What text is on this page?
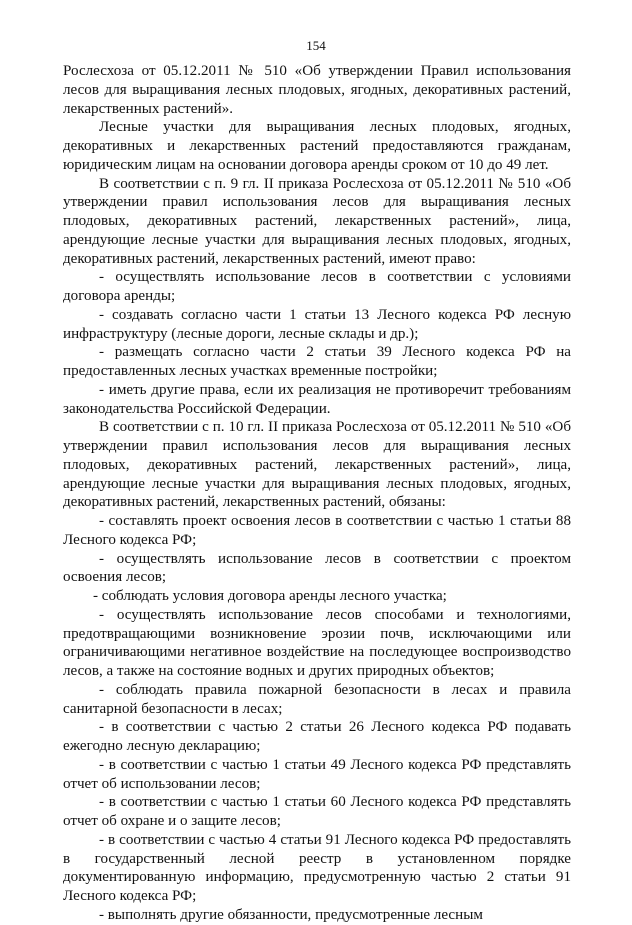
154

Рослесхоза от 05.12.2011 № 510 «Об утверждении Правил использования лесов для выращивания лесных плодовых, ягодных, декоративных растений, лекарственных растений».

Лесные участки для выращивания лесных плодовых, ягодных, декоративных и лекарственных растений предоставляются гражданам, юридическим лицам на основании договора аренды сроком от 10 до 49 лет.

В соответствии с п. 9 гл. II приказа Рослесхоза от 05.12.2011 № 510 «Об утверждении правил использования лесов для выращивания лесных плодовых, декоративных растений, лекарственных растений», лица, арендующие лесные участки для выращивания лесных плодовых, ягодных, декоративных растений, лекарственных растений, имеют право:

- осуществлять использование лесов в соответствии с условиями договора аренды;

- создавать согласно части 1 статьи 13 Лесного кодекса РФ лесную инфраструктуру (лесные дороги, лесные склады и др.);

- размещать согласно части 2 статьи 39 Лесного кодекса РФ на предоставленных лесных участках временные постройки;

- иметь другие права, если их реализация не противоречит требованиям законодательства Российской Федерации.

В соответствии с п. 10 гл. II приказа Рослесхоза от 05.12.2011 № 510 «Об утверждении правил использования лесов для выращивания лесных плодовых, декоративных растений, лекарственных растений», лица, арендующие лесные участки для выращивания лесных плодовых, ягодных, декоративных растений, лекарственных растений, обязаны:

- составлять проект освоения лесов в соответствии с частью 1 статьи 88 Лесного кодекса РФ;

- осуществлять использование лесов в соответствии с проектом освоения лесов;

- соблюдать условия договора аренды лесного участка;

- осуществлять использование лесов способами и технологиями, предотвращающими возникновение эрозии почв, исключающими или ограничивающими негативное воздействие на последующее воспроизводство лесов, а также на состояние водных и других природных объектов;

- соблюдать правила пожарной безопасности в лесах и правила санитарной безопасности в лесах;

- в соответствии с частью 2 статьи 26 Лесного кодекса РФ подавать ежегодно лесную декларацию;

- в соответствии с частью 1 статьи 49 Лесного кодекса РФ представлять отчет об использовании лесов;

- в соответствии с частью 1 статьи 60 Лесного кодекса РФ представлять отчет об охране и о защите лесов;

- в соответствии с частью 4 статьи 91 Лесного кодекса РФ предоставлять в государственный лесной реестр в установленном порядке документированную информацию, предусмотренную частью 2 статьи 91 Лесного кодекса РФ;

- выполнять другие обязанности, предусмотренные лесным
